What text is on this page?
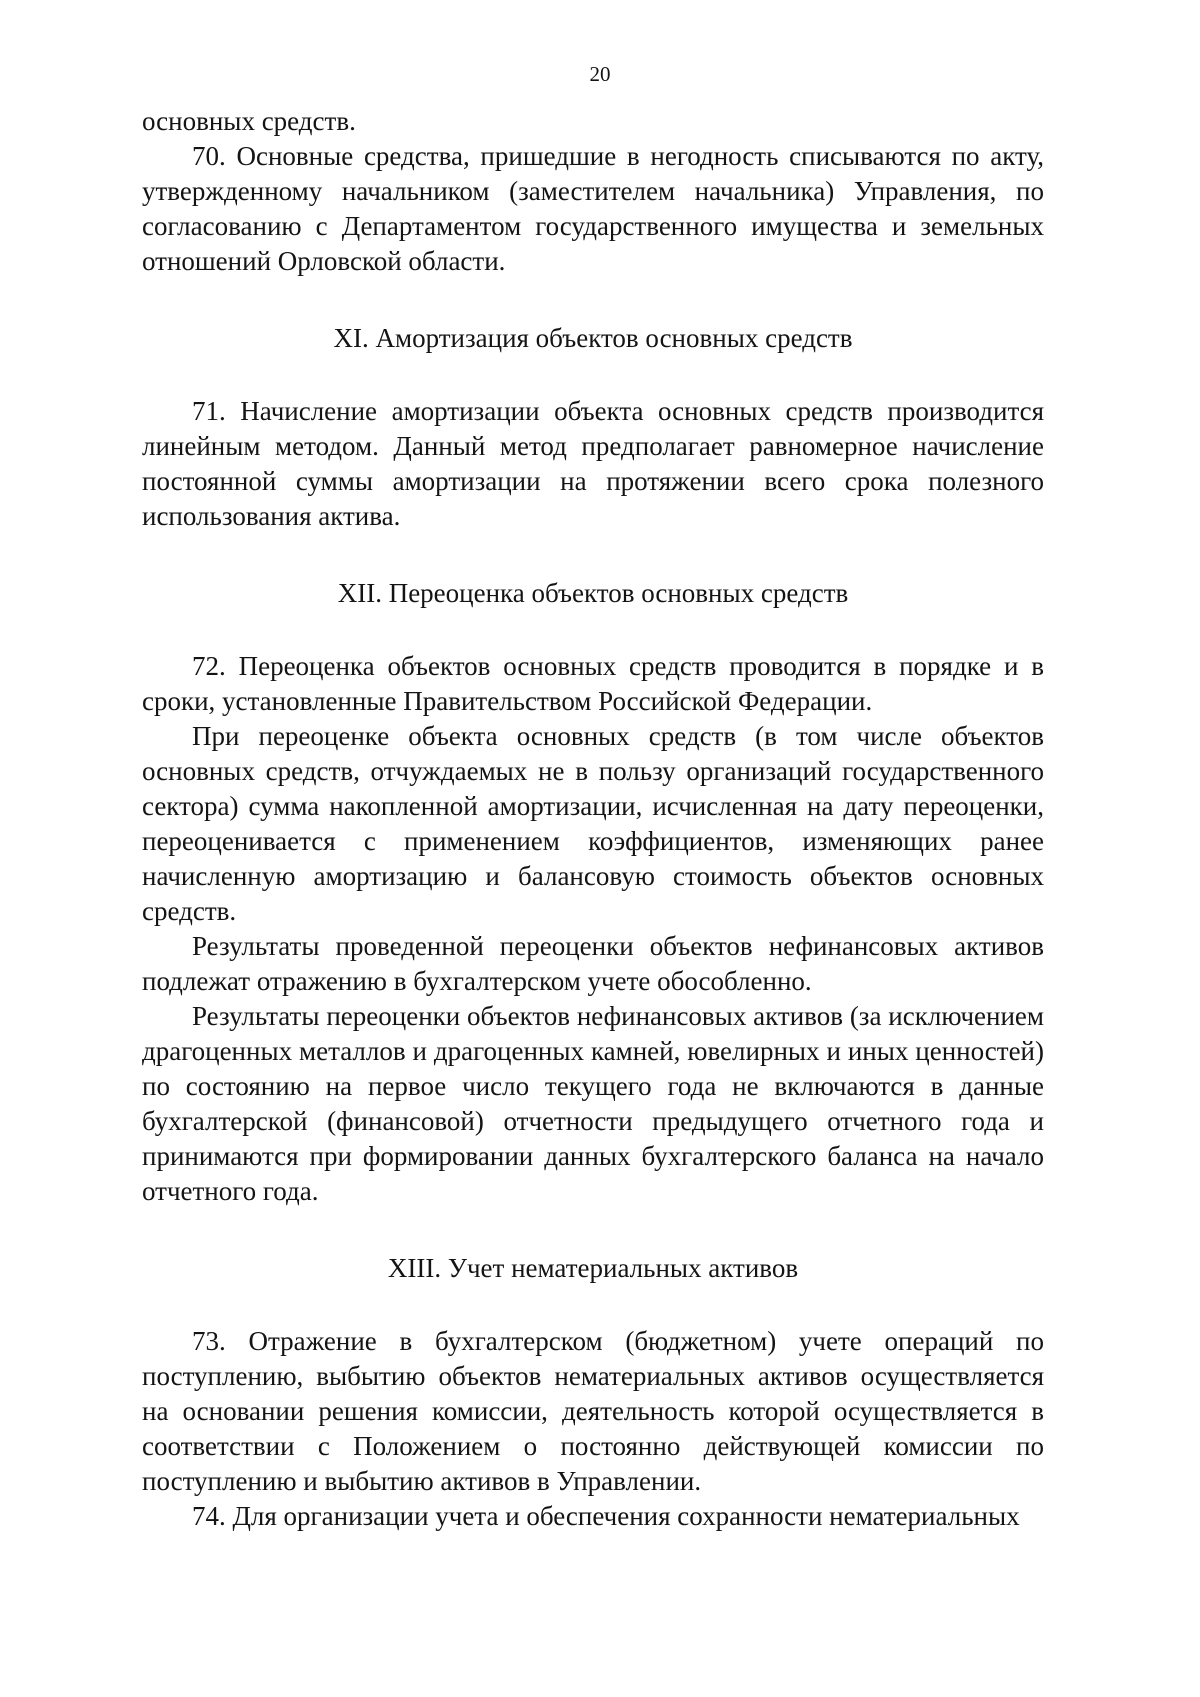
20

основных средств.

70. Основные средства, пришедшие в негодность списываются по акту, утвержденному начальником (заместителем начальника) Управления, по согласованию с Департаментом государственного имущества и земельных отношений Орловской области.

XI. Амортизация объектов основных средств

71. Начисление амортизации объекта основных средств производится линейным методом. Данный метод предполагает равномерное начисление постоянной суммы амортизации на протяжении всего срока полезного использования актива.

XII. Переоценка объектов основных средств

72. Переоценка объектов основных средств проводится в порядке и в сроки, установленные Правительством Российской Федерации.

При переоценке объекта основных средств (в том числе объектов основных средств, отчуждаемых не в пользу организаций государственного сектора) сумма накопленной амортизации, исчисленная на дату переоценки, переоценивается с применением коэффициентов, изменяющих ранее начисленную амортизацию и балансовую стоимость объектов основных средств.

Результаты проведенной переоценки объектов нефинансовых активов подлежат отражению в бухгалтерском учете обособленно.

Результаты переоценки объектов нефинансовых активов (за исключением драгоценных металлов и драгоценных камней, ювелирных и иных ценностей) по состоянию на первое число текущего года не включаются в данные бухгалтерской (финансовой) отчетности предыдущего отчетного года и принимаются при формировании данных бухгалтерского баланса на начало отчетного года.

XIII. Учет нематериальных активов

73. Отражение в бухгалтерском (бюджетном) учете операций по поступлению, выбытию объектов нематериальных активов осуществляется на основании решения комиссии, деятельность которой осуществляется в соответствии с Положением о постоянно действующей комиссии по поступлению и выбытию активов в Управлении.

74. Для организации учета и обеспечения сохранности нематериальных
